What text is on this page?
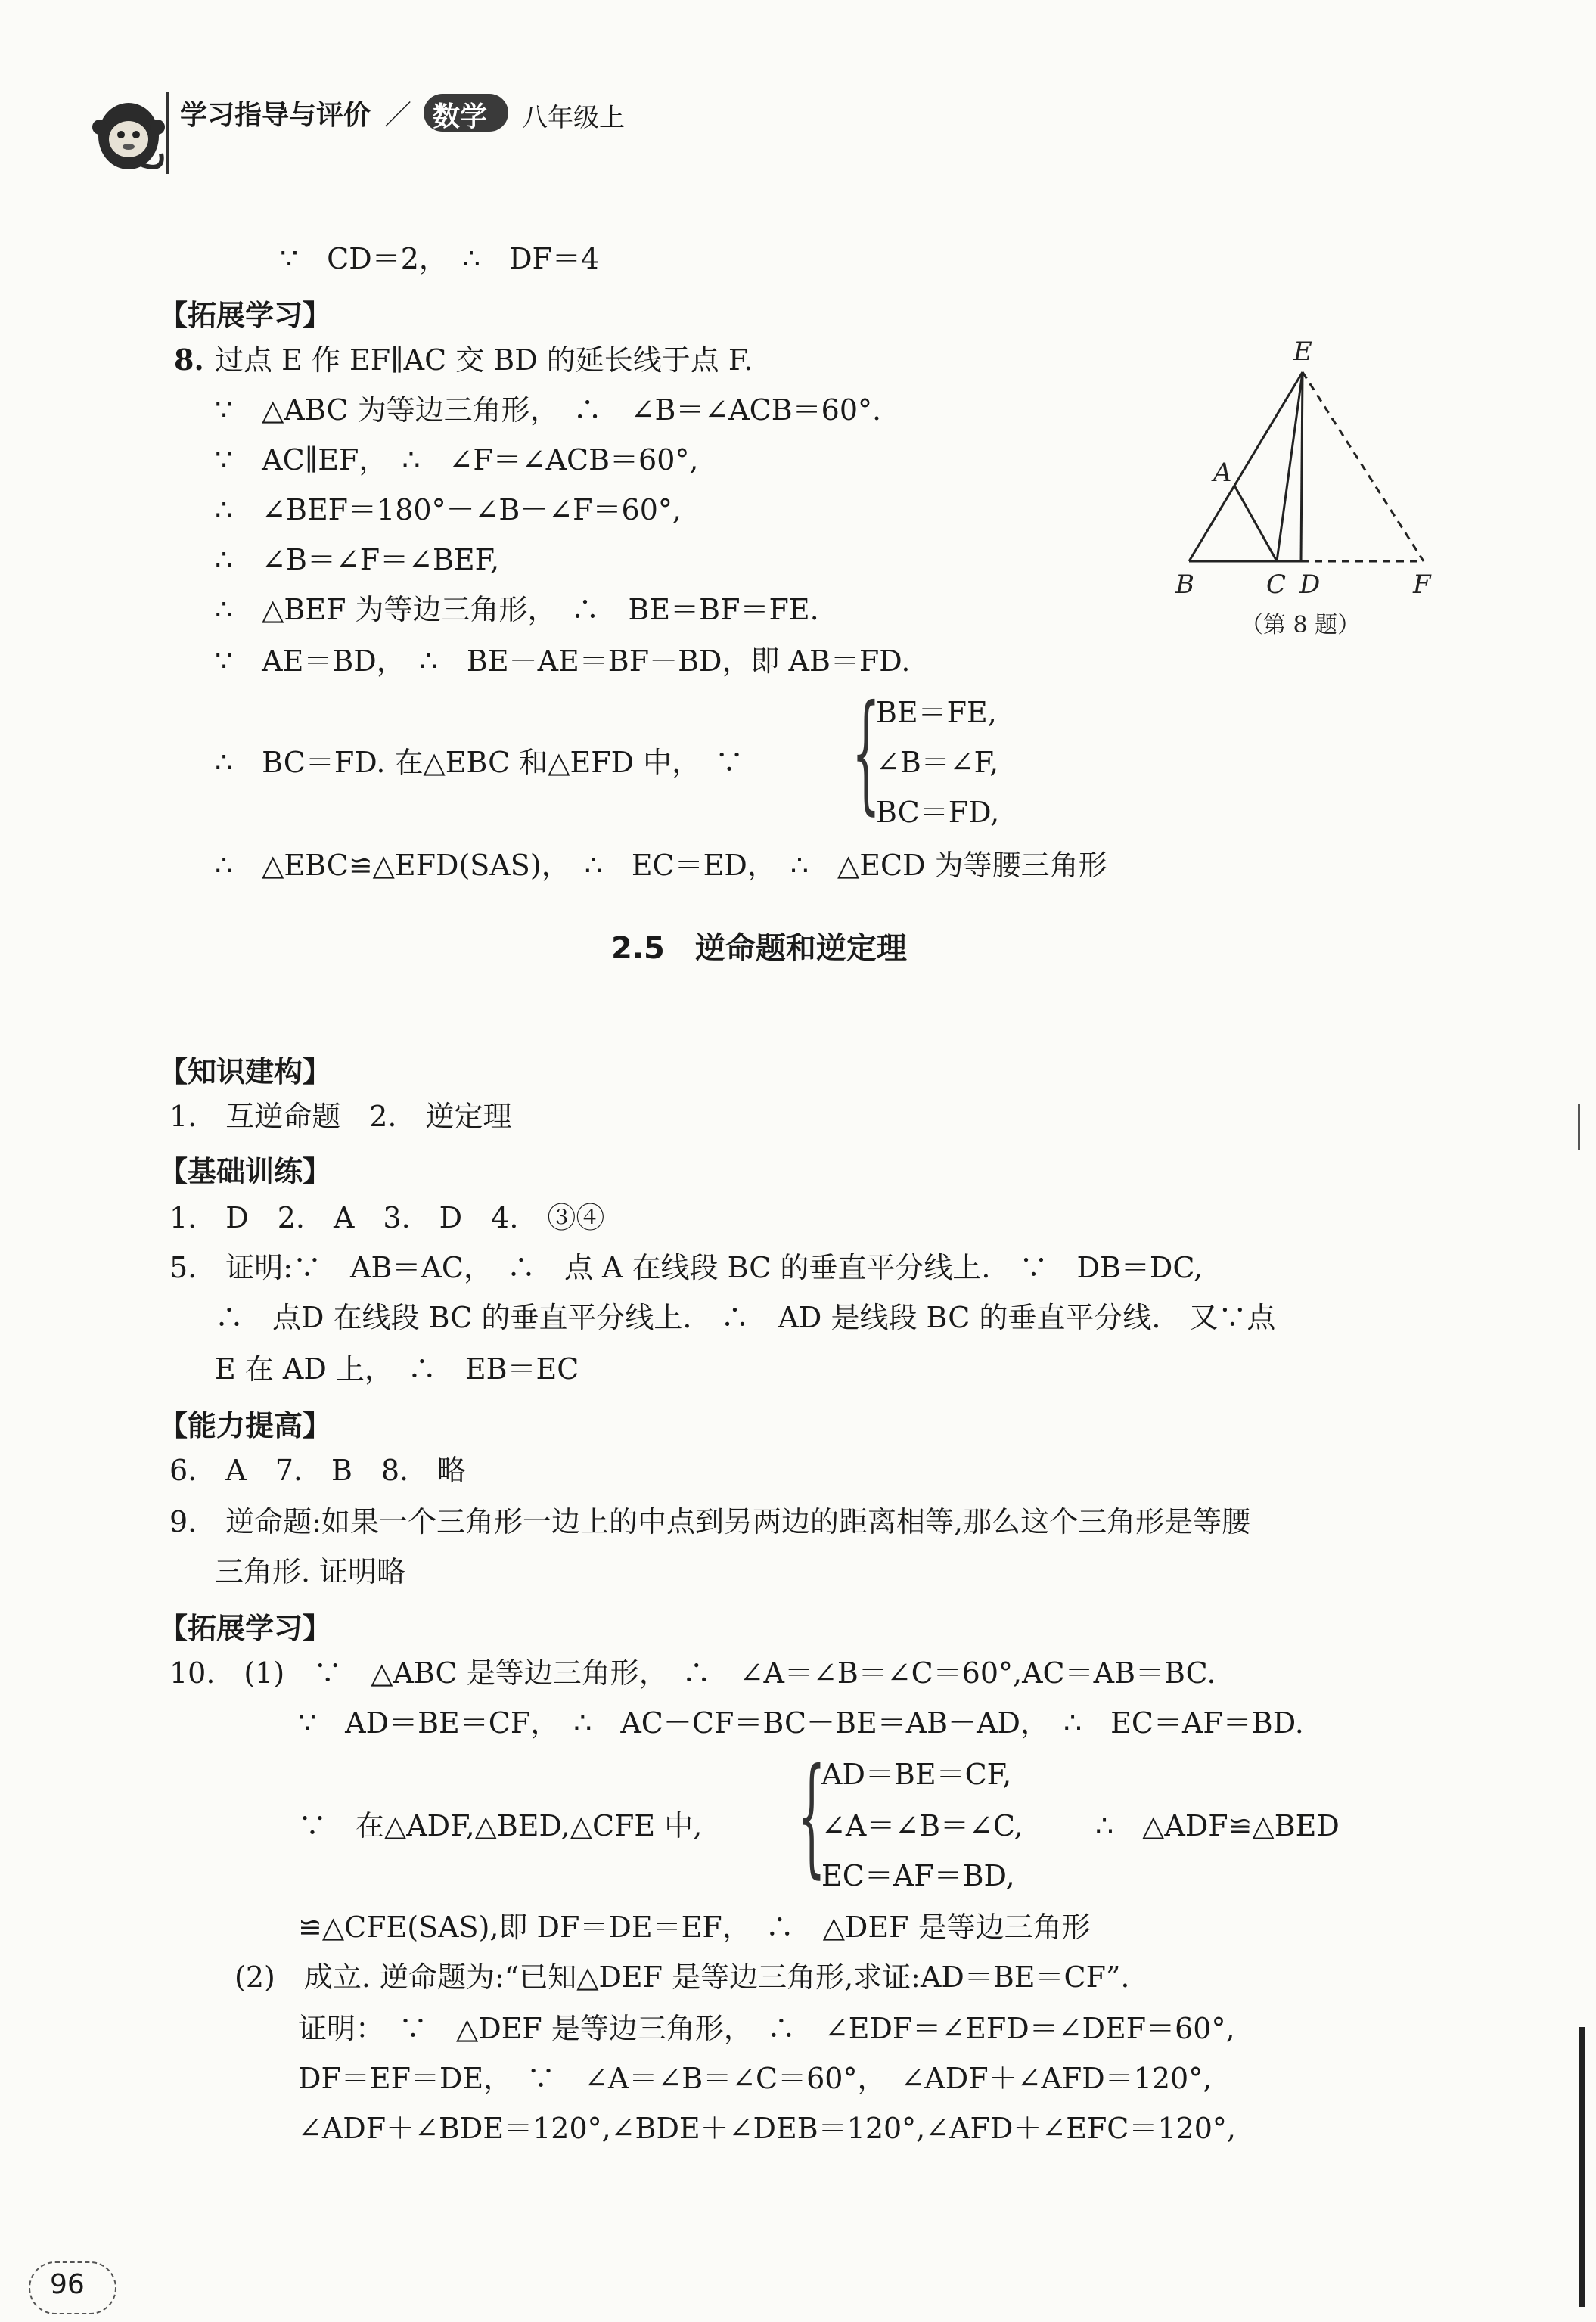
学习指导与评价 ／ 数学 八年级上
∵　CD＝2，　∴　DF＝4
【拓展学习】
8. 过点 E 作 EF∥AC 交 BD 的延长线于点 F.
∵　△ABC 为等边三角形，　∴　∠B＝∠ACB＝60°.
∵　AC∥EF，　∴　∠F＝∠ACB＝60°,
∴　∠BEF＝180°－∠B－∠F＝60°,
∴　∠B＝∠F＝∠BEF,
∴　△BEF 为等边三角形，　∴　BE＝BF＝FE.
∵　AE＝BD，　∴　BE－AE＝BF－BD，即 AB＝FD.
∴　BC＝FD. 在△EBC 和△EFD 中，　∵ {
BE＝FE,
∠B＝∠F,
BC＝FD,
∴　△EBC≌△EFD(SAS)，　∴　EC＝ED，　∴　△ECD 为等腰三角形
E
A
B	C D	F
（第 8 题）
2.5　逆命题和逆定理
【知识建构】
1.　互逆命题　2.　逆定理
【基础训练】
1.　D　2.　A　3.　D　4.　③④
5.　证明:∵　AB＝AC，　∴　点 A 在线段 BC 的垂直平分线上.　∵　DB＝DC,
∴　点D 在线段 BC 的垂直平分线上.　∴　AD 是线段 BC 的垂直平分线.　又∵点
E 在 AD 上，　∴　EB＝EC
【能力提高】
6.　A　7.　B　8.　略
9.　逆命题:如果一个三角形一边上的中点到另两边的距离相等,那么这个三角形是等腰
三角形. 证明略
【拓展学习】
10.　(1)　∵　△ABC 是等边三角形，　∴　∠A＝∠B＝∠C＝60°,AC＝AB＝BC.
∵　AD＝BE＝CF，　∴　AC－CF＝BC－BE＝AB－AD，　∴　EC＝AF＝BD.
∵　在△ADF,△BED,△CFE 中, {
AD＝BE＝CF,
∠A＝∠B＝∠C,
EC＝AF＝BD,
∴　△ADF≌△BED
≌△CFE(SAS),即 DF＝DE＝EF，　∴　△DEF 是等边三角形
(2)　成立. 逆命题为:“已知△DEF 是等边三角形,求证:AD＝BE＝CF”.
证明：　∵　△DEF 是等边三角形，　∴　∠EDF＝∠EFD＝∠DEF＝60°,
DF＝EF＝DE，　∵　∠A＝∠B＝∠C＝60°，　∠ADF＋∠AFD＝120°,
∠ADF＋∠BDE＝120°,∠BDE＋∠DEB＝120°,∠AFD＋∠EFC＝120°,
96
